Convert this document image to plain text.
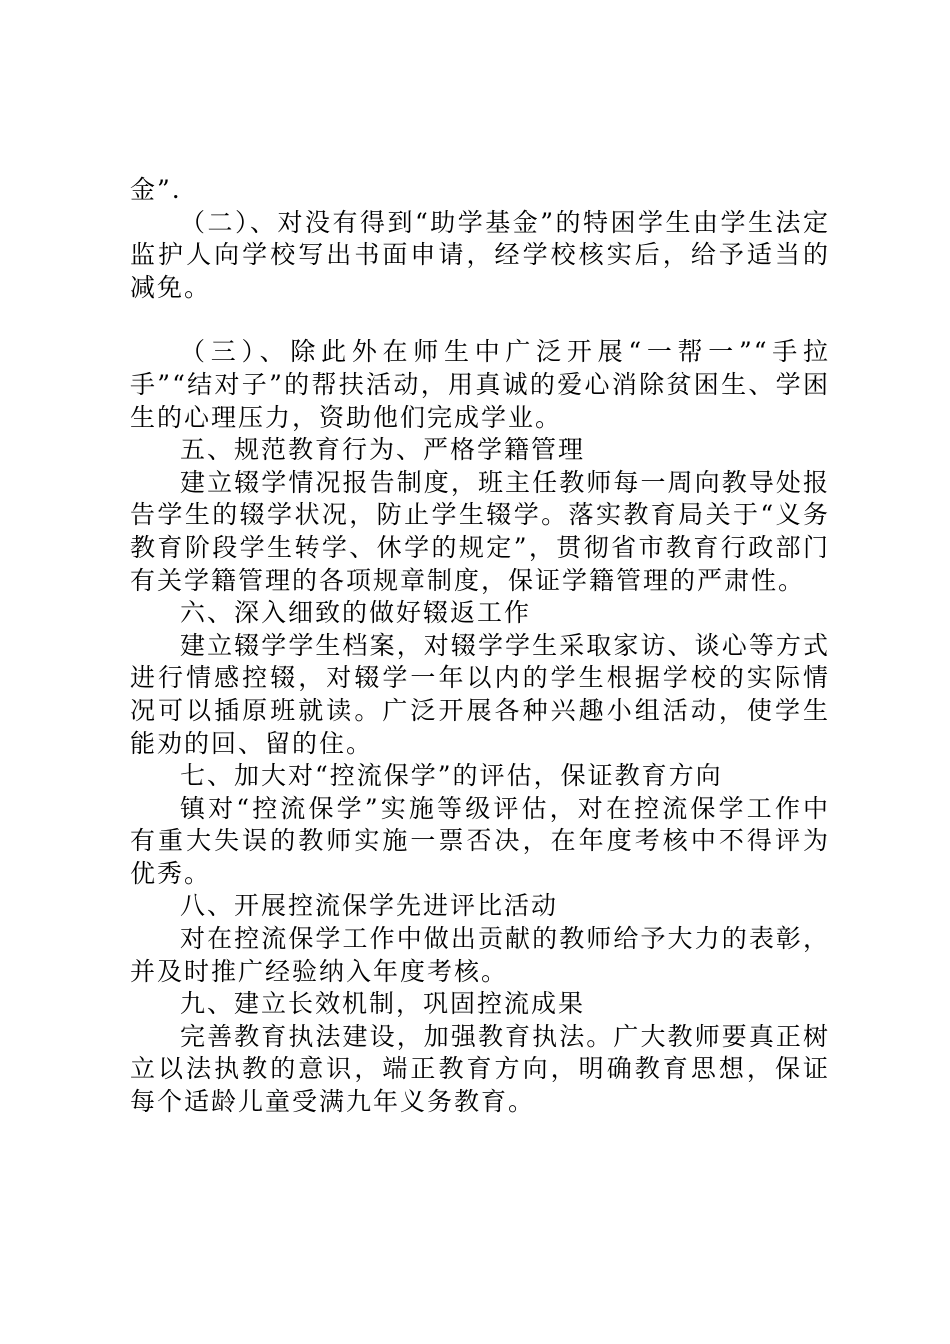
金”.

（二）、对没有得到“助学基金”的特困学生由学生法定监护人向学校写出书面申请，经学校核实后，给予适当的减免。

（三）、除此外在师生中广泛开展“一帮一”“手拉手”“结对子”的帮扶活动，用真诚的爱心消除贫困生、学困生的心理压力，资助他们完成学业。

五、规范教育行为、严格学籍管理

建立辍学情况报告制度，班主任教师每一周向教导处报告学生的辍学状况，防止学生辍学。落实教育局关于“义务教育阶段学生转学、休学的规定”，贯彻省市教育行政部门有关学籍管理的各项规章制度，保证学籍管理的严肃性。

六、深入细致的做好辍返工作

建立辍学学生档案，对辍学学生采取家访、谈心等方式进行情感控辍，对辍学一年以内的学生根据学校的实际情况可以插原班就读。广泛开展各种兴趣小组活动，使学生能劝的回、留的住。

七、加大对“控流保学”的评估，保证教育方向

镇对“控流保学”实施等级评估，对在控流保学工作中有重大失误的教师实施一票否决，在年度考核中不得评为优秀。

八、开展控流保学先进评比活动

对在控流保学工作中做出贡献的教师给予大力的表彰，并及时推广经验纳入年度考核。

九、建立长效机制，巩固控流成果

完善教育执法建设，加强教育执法。广大教师要真正树立以法执教的意识，端正教育方向，明确教育思想，保证每个适龄儿童受满九年义务教育。
